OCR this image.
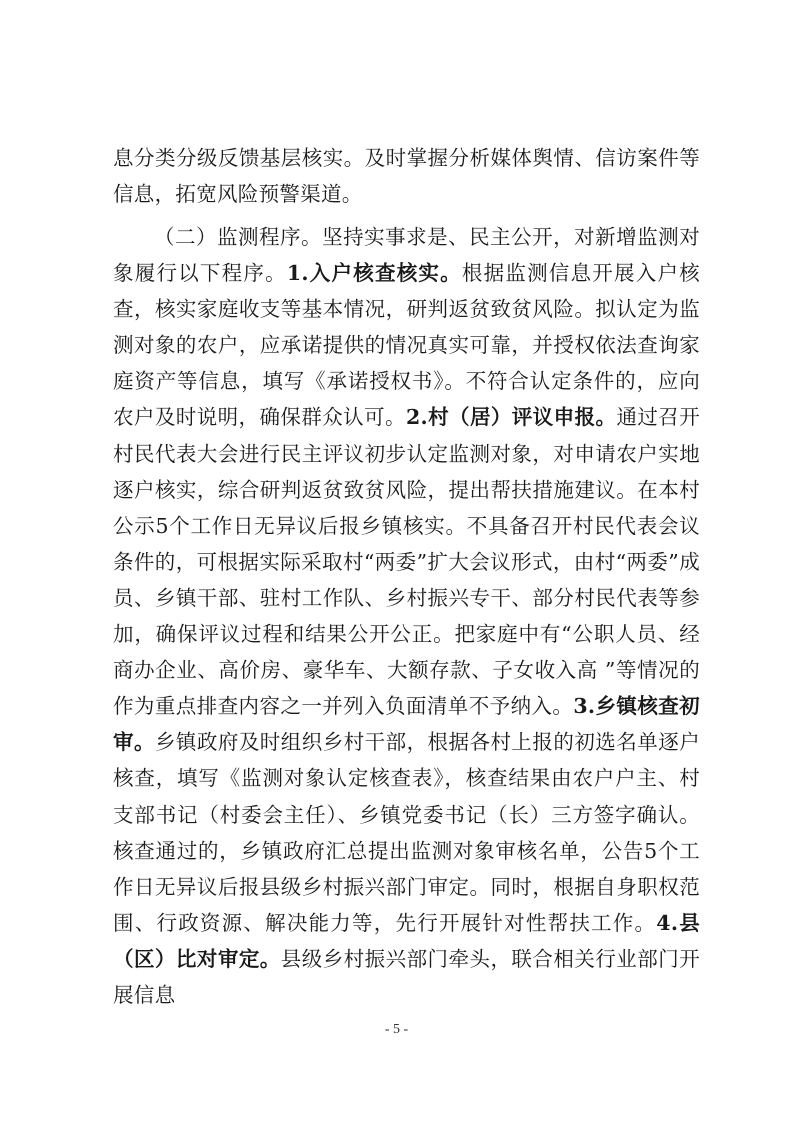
息分类分级反馈基层核实。及时掌握分析媒体舆情、信访案件等信息，拓宽风险预警渠道。

（二）监测程序。坚持实事求是、民主公开，对新增监测对象履行以下程序。1.入户核查核实。根据监测信息开展入户核查，核实家庭收支等基本情况，研判返贫致贫风险。拟认定为监测对象的农户，应承诺提供的情况真实可靠，并授权依法查询家庭资产等信息，填写《承诺授权书》。不符合认定条件的，应向农户及时说明，确保群众认可。2.村（居）评议申报。通过召开村民代表大会进行民主评议初步认定监测对象，对申请农户实地逐户核实，综合研判返贫致贫风险，提出帮扶措施建议。在本村公示5个工作日无异议后报乡镇核实。不具备召开村民代表会议条件的，可根据实际采取村“两委”扩大会议形式，由村“两委”成员、乡镇干部、驻村工作队、乡村振兴专干、部分村民代表等参加，确保评议过程和结果公开公正。把家庭中有“公职人员、经商办企业、高价房、豪华车、大额存款、子女收入高 ”等情况的作为重点排查内容之一并列入负面清单不予纳入。3.乡镇核查初审。乡镇政府及时组织乡村干部，根据各村上报的初选名单逐户核查，填写《监测对象认定核查表》，核查结果由农户户主、村支部书记（村委会主任）、乡镇党委书记（长）三方签字确认。核查通过的，乡镇政府汇总提出监测对象审核名单，公告5个工作日无异议后报县级乡村振兴部门审定。同时，根据自身职权范围、行政资源、解决能力等，先行开展针对性帮扶工作。4.县（区）比对审定。县级乡村振兴部门牵头，联合相关行业部门开展信息

- 5 -
